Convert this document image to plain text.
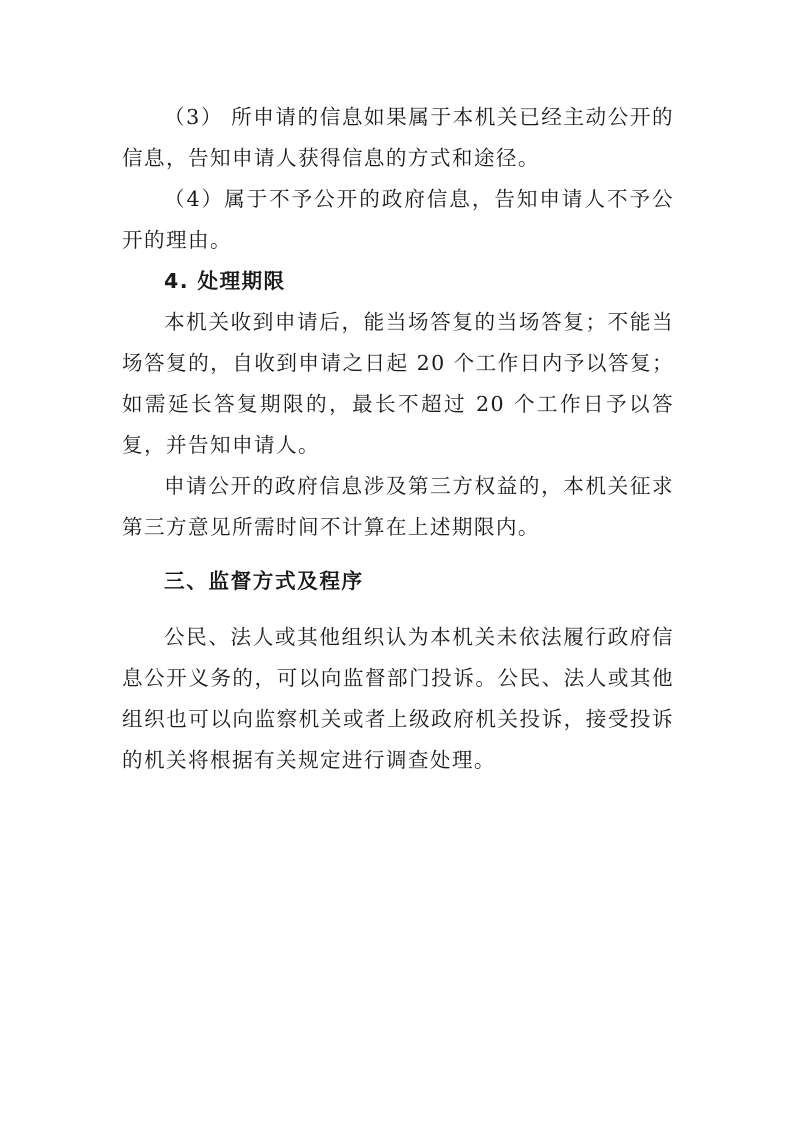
（3） 所申请的信息如果属于本机关已经主动公开的信息，告知申请人获得信息的方式和途径。

（4）属于不予公开的政府信息，告知申请人不予公开的理由。

4. 处理期限

本机关收到申请后，能当场答复的当场答复；不能当场答复的，自收到申请之日起 20 个工作日内予以答复；如需延长答复期限的，最长不超过 20 个工作日予以答复，并告知申请人。

申请公开的政府信息涉及第三方权益的，本机关征求第三方意见所需时间不计算在上述期限内。

三、监督方式及程序

公民、法人或其他组织认为本机关未依法履行政府信息公开义务的，可以向监督部门投诉。公民、法人或其他组织也可以向监察机关或者上级政府机关投诉，接受投诉的机关将根据有关规定进行调查处理。
